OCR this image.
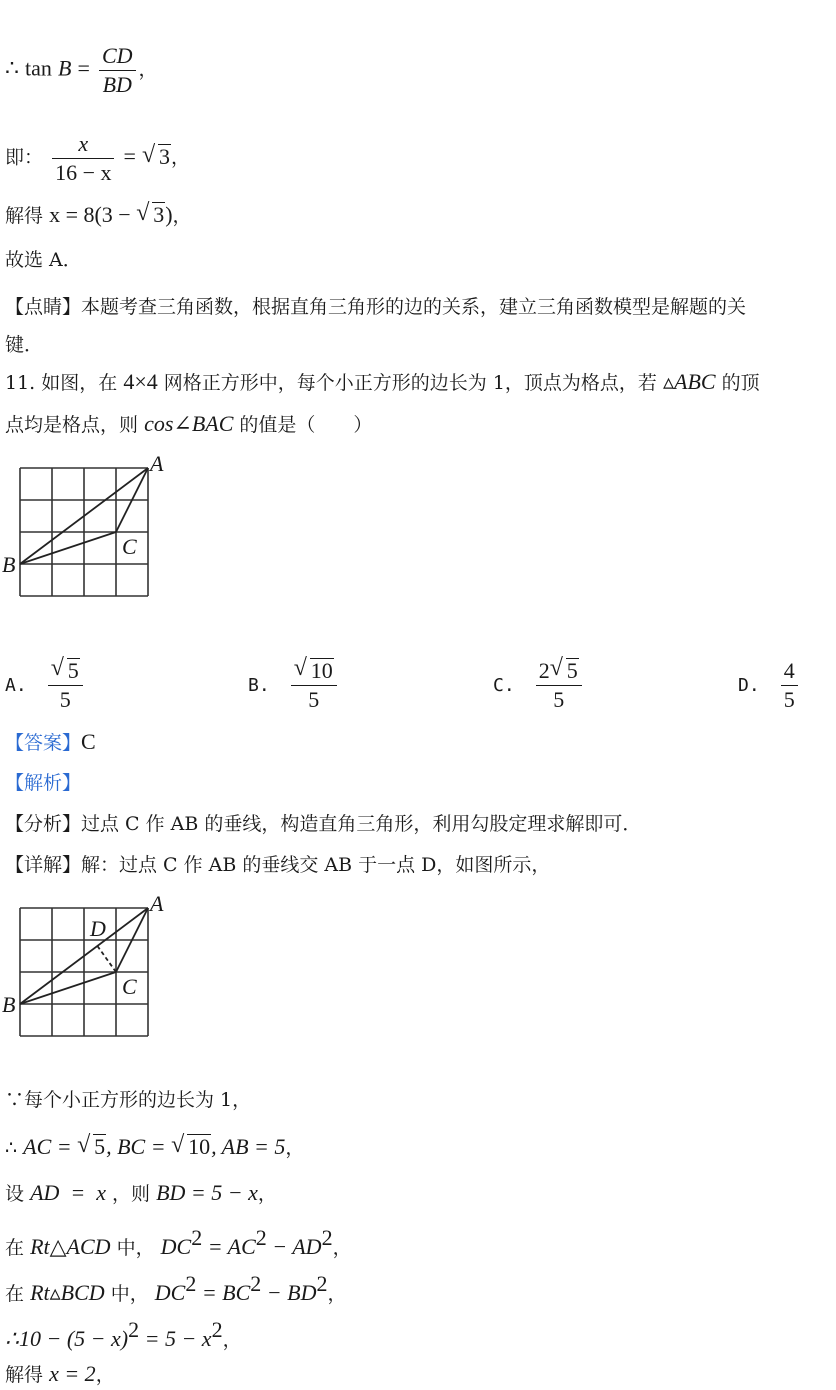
∴ $\tan B = \frac{CD}{BD}$ ，
即： $\frac{x}{16 - x}$ = √ 3，
解得 x = 8(3 − √ 3)，
故选 A．
【点睛】本题考查三角函数，根据直角三角形的边的关系，建立三角函数模型是解题的关
键．
11. 如图，在 4×4 网格正方形中，每个小正方形的边长为 1，顶点为格点，若 ▵ABC 的顶
点均是格点，则 cos∠BAC 的值是（　　）
A
B
C
A. $\frac{√ 5}{5}$	B. $\frac{√ 10}{5}$	C. $\frac{2 √ 5}{5}$	D. $\frac{4}{5}$
【答案】C
【解析】
【分析】过点 C 作 AB 的垂线，构造直角三角形，利用勾股定理求解即可．
【详解】解：过点 C 作 AB 的垂线交 AB 于一点 D，如图所示，
A
B
C
D
∵每个小正方形的边长为 1，
∴ AC = √ 5, BC = √ 10, AB = 5，
设 AD  =  x ，则 BD = 5 − x，
在 Rt△ACD 中， $DC^2 = AC^2 - AD^2$，
在 Rt▵BCD 中， $DC^2 = BC^2 - BD^2$，
∴10 − $(5 - x)^2 = 5 - x^2$，
解得 x = 2，
